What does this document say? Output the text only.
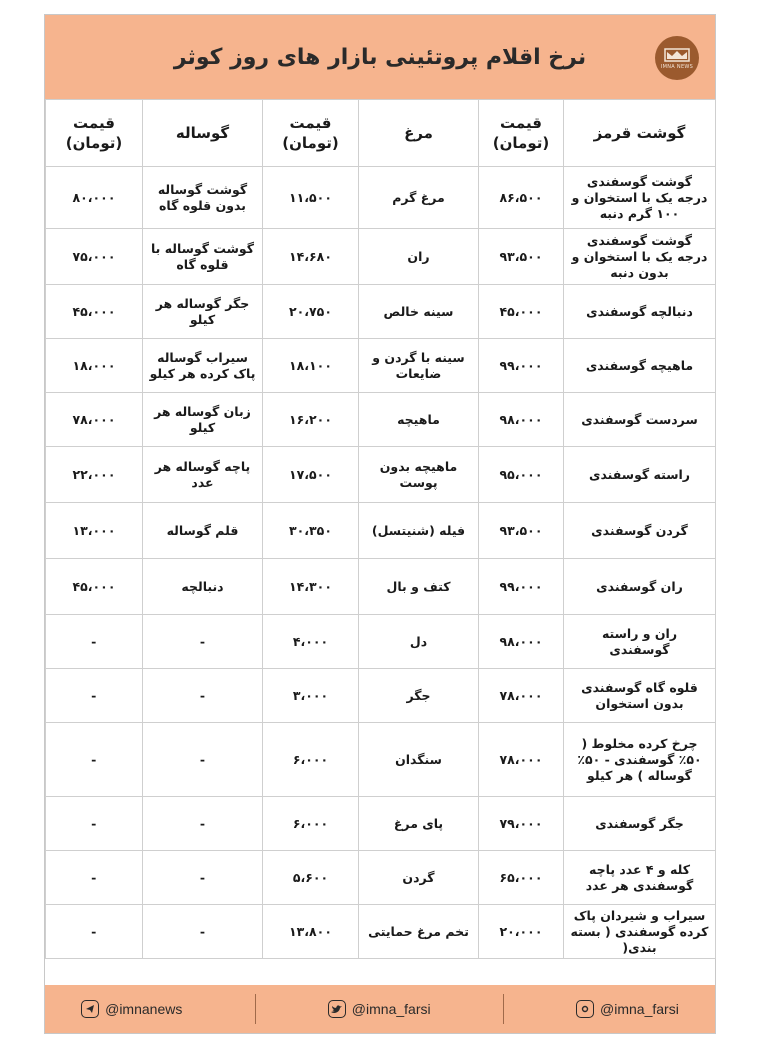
نرخ اقلام پروتئینی بازار های روز کوثر	IMNA NEWS
قیمت (تومان)	گوساله	قیمت (تومان)	مرغ	قیمت (تومان)	گوشت قرمز
۸۰،۰۰۰	گوشت گوساله بدون قلوه گاه	۱۱،۵۰۰	مرغ گرم	۸۶،۵۰۰	گوشت گوسفندی درجه یک با استخوان و ۱۰۰ گرم دنبه
۷۵،۰۰۰	گوشت گوساله با قلوه گاه	۱۴،۶۸۰	ران	۹۳،۵۰۰	گوشت گوسفندی درجه یک با استخوان و بدون دنبه
۴۵،۰۰۰	جگر گوساله هر کیلو	۲۰،۷۵۰	سینه خالص	۴۵،۰۰۰	دنبالچه گوسفندی
۱۸،۰۰۰	سیراب گوساله پاک کرده هر کیلو	۱۸،۱۰۰	سینه با گردن و ضایعات	۹۹،۰۰۰	ماهیچه گوسفندی
۷۸،۰۰۰	زبان گوساله هر کیلو	۱۶،۲۰۰	ماهیچه	۹۸،۰۰۰	سردست گوسفندی
۲۲،۰۰۰	پاچه گوساله هر عدد	۱۷،۵۰۰	ماهیچه بدون پوست	۹۵،۰۰۰	راسته گوسفندی
۱۳،۰۰۰	قلم گوساله	۳۰،۳۵۰	فیله (شنیتسل)	۹۳،۵۰۰	گردن گوسفندی
۴۵،۰۰۰	دنبالچه	۱۴،۳۰۰	کتف و بال	۹۹،۰۰۰	ران گوسفندی
-	-	۴،۰۰۰	دل	۹۸،۰۰۰	ران و راسته گوسفندی
-	-	۳،۰۰۰	جگر	۷۸،۰۰۰	قلوه گاه گوسفندی بدون استخوان
-	-	۶،۰۰۰	سنگدان	۷۸،۰۰۰	چرخ کرده مخلوط ( ۵۰٪ گوسفندی - ۵۰٪ گوساله ) هر کیلو
-	-	۶،۰۰۰	پای مرغ	۷۹،۰۰۰	جگر گوسفندی
-	-	۵،۶۰۰	گردن	۶۵،۰۰۰	کله و ۴ عدد پاچه گوسفندی هر عدد
-	-	۱۳،۸۰۰	تخم مرغ حمایتی	۲۰،۰۰۰	سیراب و شیردان پاک کرده گوسفندی ( بسته بندی(
@imnanews	@imna_farsi	@imna_farsi
